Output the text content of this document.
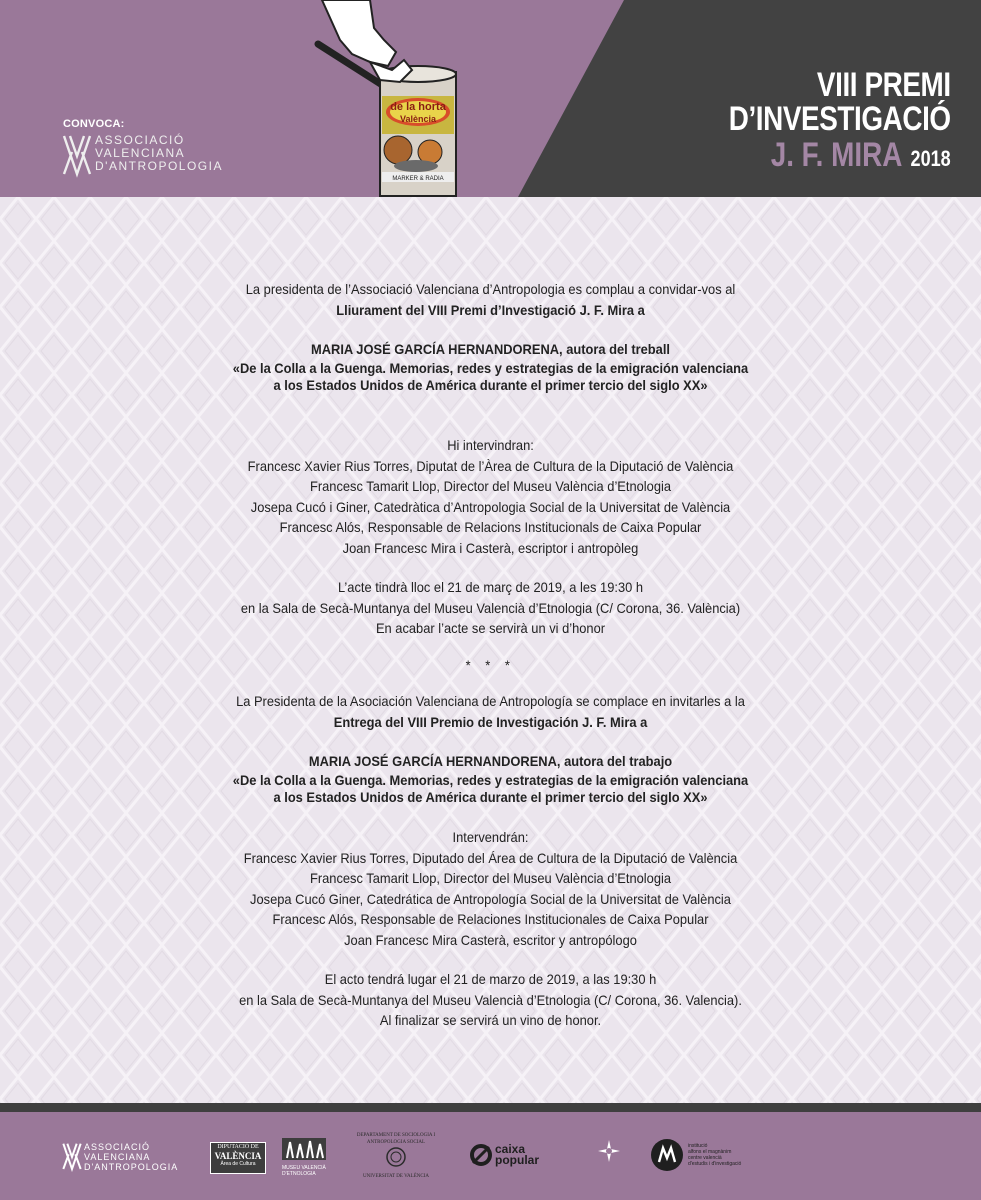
CONVOCA:
ASSOCIACIÓ
VALENCIANA
D'ANTROPOLOGIA
de la horta
València
MARKER & RADIA
VIII PREMI
D’INVESTIGACIÓ
J. F. MIRA 2018
La presidenta de l’Associació Valenciana d’Antropologia es complau a convidar-vos al
Lliurament del VIII Premi d’Investigació J. F. Mira a
MARIA JOSÉ GARCÍA HERNANDORENA, autora del treball
«De la Colla a la Guenga. Memorias, redes y estrategias de la emigración valenciana
a los Estados Unidos de América durante el primer tercio del siglo XX»
Hi intervindran:
Francesc Xavier Rius Torres, Diputat de l’Àrea de Cultura de la Diputació de València
Francesc Tamarit Llop, Director del Museu València d’Etnologia
Josepa Cucó i Giner, Catedràtica d’Antropologia Social de la Universitat de València
Francesc Alós, Responsable de Relacions Institucionals de Caixa Popular
Joan Francesc Mira i Casterà, escriptor i antropòleg
L’acte tindrà lloc el 21 de març de 2019, a les 19:30 h
en la Sala de Secà-Muntanya del Museu Valencià d’Etnologia (C/ Corona, 36. València)
En acabar l’acte se servirà un vi d’honor
* * *
La Presidenta de la Asociación Valenciana de Antropología se complace en invitarles a la
Entrega del VIII Premio de Investigación J. F. Mira a
MARIA JOSÉ GARCÍA HERNANDORENA, autora del trabajo
«De la Colla a la Guenga. Memorias, redes y estrategias de la emigración valenciana
a los Estados Unidos de América durante el primer tercio del siglo XX»
Intervendrán:
Francesc Xavier Rius Torres, Diputado del Área de Cultura de la Diputació de València
Francesc Tamarit Llop, Director del Museu València d’Etnologia
Josepa Cucó Giner, Catedrática de Antropología Social de la Universitat de València
Francesc Alós, Responsable de Relaciones Institucionales de Caixa Popular
Joan Francesc Mira Casterà, escritor y antropólogo
El acto tendrá lugar el 21 de marzo de 2019, a las 19:30 h
en la Sala de Secà-Muntanya del Museu Valencià d’Etnologia (C/ Corona, 36. Valencia).
Al finalizar se servirá un vino de honor.
ASSOCIACIÓ
VALENCIANA
D'ANTROPOLOGIA
DIPUTACIÓ DE
VALÈNCIA
Àrea de Cultura
MUSEU VALENCIÀ
D'ETNOLOGIA
DEPARTAMENT DE SOCIOLOGIA I
ANTROPOLOGIA SOCIAL
UNIVERSITAT DE VALÈNCIA
caixa
popular
institució
alfons el magnànim
centre valencià
d'estudis i d'investigació
